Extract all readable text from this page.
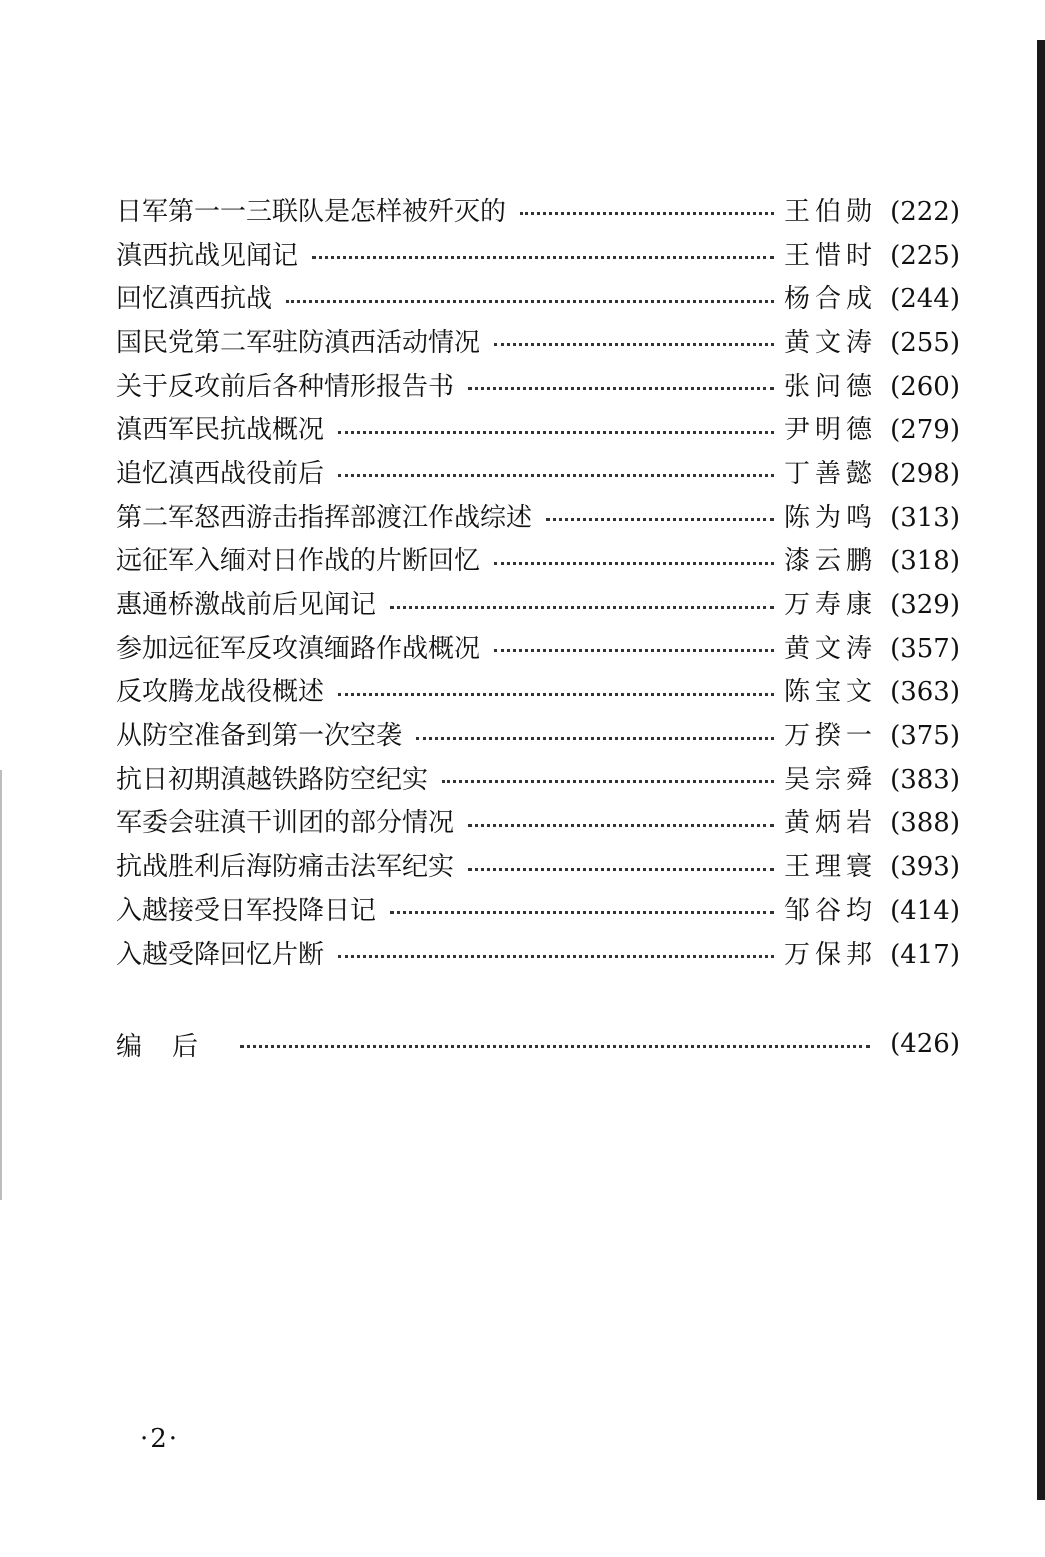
日军第一一三联队是怎样被歼灭的	王伯勋 (222)
滇西抗战见闻记	王惜时 (225)
回忆滇西抗战	杨合成 (244)
国民党第二军驻防滇西活动情况	黄文涛 (255)
关于反攻前后各种情形报告书	张问德 (260)
滇西军民抗战概况	尹明德 (279)
追忆滇西战役前后	丁善懿 (298)
第二军怒西游击指挥部渡江作战综述	陈为鸣 (313)
远征军入缅对日作战的片断回忆	漆云鹏 (318)
惠通桥激战前后见闻记	万寿康 (329)
参加远征军反攻滇缅路作战概况	黄文涛 (357)
反攻腾龙战役概述	陈宝文 (363)
从防空准备到第一次空袭	万揆一 (375)
抗日初期滇越铁路防空纪实	吴宗舜 (383)
军委会驻滇干训团的部分情况	黄炳岩 (388)
抗战胜利后海防痛击法军纪实	王理寰 (393)
入越接受日军投降日记	邹谷均 (414)
入越受降回忆片断	万保邦 (417)
编后	(426)
·2·
